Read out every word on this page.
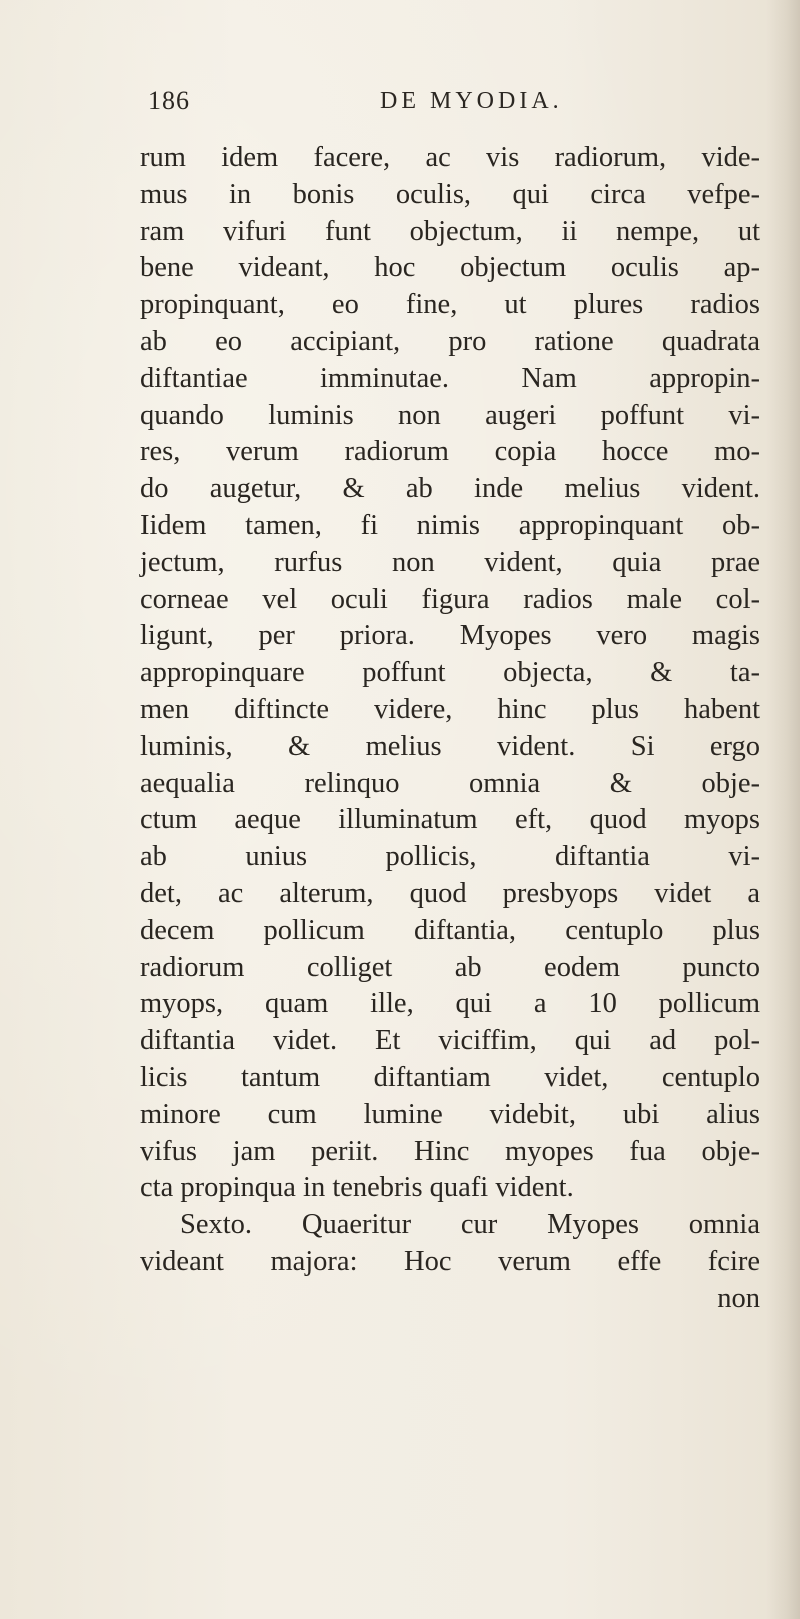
186	DE MYODIA.
rum idem facere, ac vis radiorum, vide-
mus in bonis oculis, qui circa vefpe-
ram vifuri funt objectum, ii nempe, ut
bene videant, hoc objectum oculis ap-
propinquant, eo fine, ut plures radios
ab eo accipiant, pro ratione quadrata
diftantiae imminutae. Nam appropin-
quando luminis non augeri poffunt vi-
res, verum radiorum copia hocce mo-
do augetur, & ab inde melius vident.
Iidem tamen, fi nimis appropinquant ob-
jectum, rurfus non vident, quia prae
corneae vel oculi figura radios male col-
ligunt, per priora. Myopes vero magis
appropinquare poffunt objecta, & ta-
men diftincte videre, hinc plus habent
luminis, & melius vident. Si ergo
aequalia relinquo omnia & obje-
ctum aeque illuminatum eft, quod myops
ab unius pollicis, diftantia vi-
det, ac alterum, quod presbyops videt a
decem pollicum diftantia, centuplo plus
radiorum colliget ab eodem puncto
myops, quam ille, qui a 10 pollicum
diftantia videt. Et viciffim, qui ad pol-
licis tantum diftantiam videt, centuplo
minore cum lumine videbit, ubi alius
vifus jam periit. Hinc myopes fua obje-
cta propinqua in tenebris quafi vident.
Sexto. Quaeritur cur Myopes omnia
videant majora: Hoc verum effe fcire
non
